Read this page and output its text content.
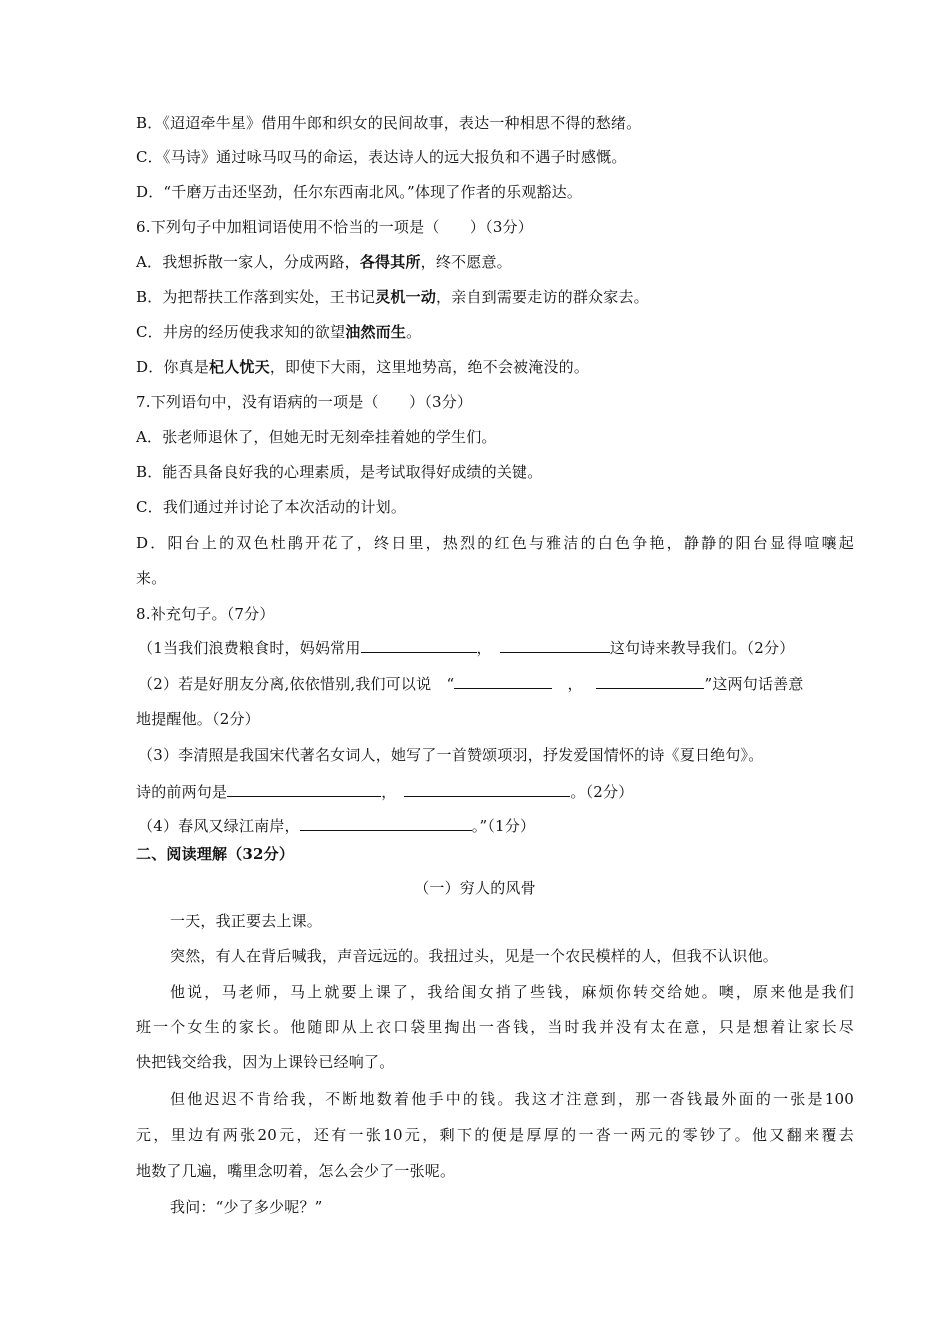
B．《迢迢牵牛星》借用牛郎和织女的民间故事，表达一种相思不得的愁绪。
C．《马诗》通过咏马叹马的命运，表达诗人的远大报负和不遇子时感慨。
D．“千磨万击还坚劲，任尔东西南北风。”体现了作者的乐观豁达。
6.下列句子中加粗词语使用不恰当的一项是（　　）（3分）
A．我想拆散一家人，分成两路，各得其所，终不愿意。
B．为把帮扶工作落到实处，王书记灵机一动，亲自到需要走访的群众家去。
C．井房的经历使我求知的欲望油然而生。
D．你真是杞人忧天，即使下大雨，这里地势高，绝不会被淹没的。
7.下列语句中，没有语病的一项是（　　）（3分）
A．张老师退休了，但她无时无刻牵挂着她的学生们。
B．能否具备良好我的心理素质，是考试取得好成绩的关键。
C．我们通过并讨论了本次活动的计划。
D．阳台上的双色杜鹃开花了，终日里，热烈的红色与雅洁的白色争艳，静静的阳台显得喧嚷起
来。
8.补充句子。（7分）
（1当我们浪费粮食时，妈妈常用	，	这句诗来教导我们。（2分）
（2）若是好朋友分离,依依惜别,我们可以说　“	　，　	”这两句话善意
地提醒他。（2分）
（3）李清照是我国宋代著名女词人，她写了一首赞颂项羽，抒发爱国情怀的诗《夏日绝句》。
诗的前两句是	，	。（2分）
（4）春风又绿江南岸，	。”（1分）
二、阅读理解（32分）
（一）穷人的风骨
一天，我正要去上课。
突然，有人在背后喊我，声音远远的。我扭过头，见是一个农民模样的人，但我不认识他。
他说，马老师，马上就要上课了，我给闺女捎了些钱，麻烦你转交给她。噢，原来他是我们
班一个女生的家长。他随即从上衣口袋里掏出一沓钱，当时我并没有太在意，只是想着让家长尽
快把钱交给我，因为上课铃已经响了。
但他迟迟不肯给我，不断地数着他手中的钱。我这才注意到，那一沓钱最外面的一张是100
元，里边有两张20元，还有一张10元，剩下的便是厚厚的一沓一两元的零钞了。他又翻来覆去
地数了几遍，嘴里念叨着，怎么会少了一张呢。
我问：“少了多少呢？”
